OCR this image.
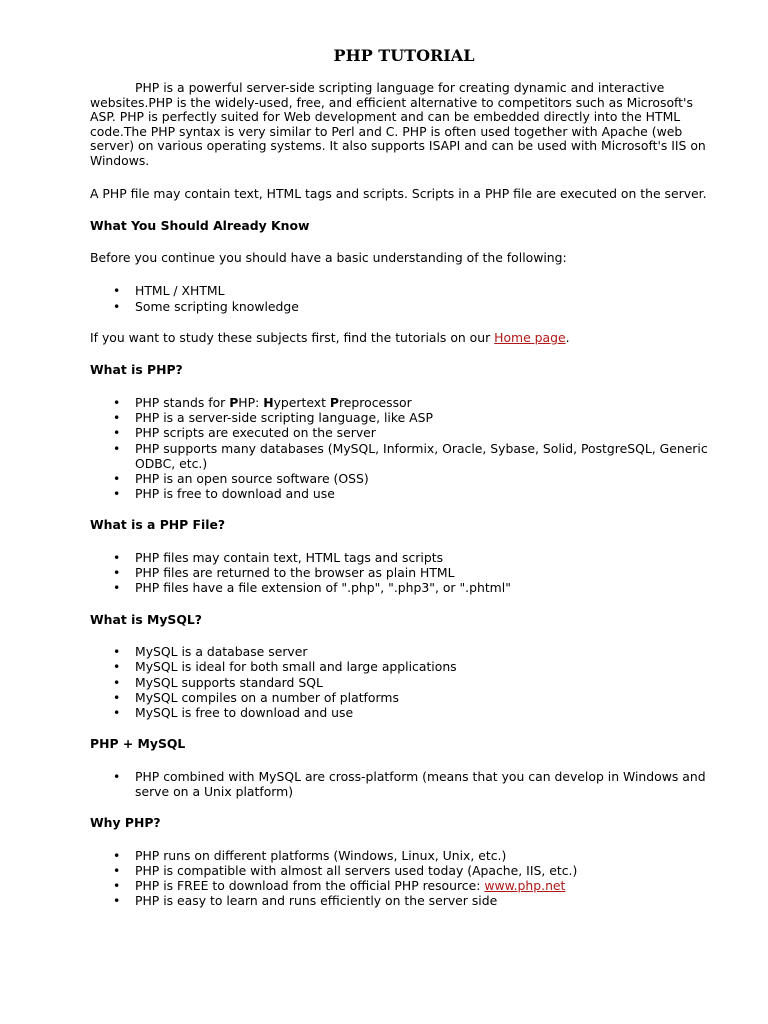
PHP TUTORIAL

PHP is a powerful server-side scripting language for creating dynamic and interactive websites.PHP is the widely-used, free, and efficient alternative to competitors such as Microsoft's ASP. PHP is perfectly suited for Web development and can be embedded directly into the HTML code.The PHP syntax is very similar to Perl and C. PHP is often used together with Apache (web server) on various operating systems. It also supports ISAPI and can be used with Microsoft's IIS on Windows.

A PHP file may contain text, HTML tags and scripts. Scripts in a PHP file are executed on the server.

What You Should Already Know

Before you continue you should have a basic understanding of the following:

• HTML / XHTML
• Some scripting knowledge

If you want to study these subjects first, find the tutorials on our Home page.

What is PHP?
• PHP stands for PHP: Hypertext Preprocessor
• PHP is a server-side scripting language, like ASP
• PHP scripts are executed on the server
• PHP supports many databases (MySQL, Informix, Oracle, Sybase, Solid, PostgreSQL, Generic ODBC, etc.)
• PHP is an open source software (OSS)
• PHP is free to download and use
What is a PHP File?
• PHP files may contain text, HTML tags and scripts
• PHP files are returned to the browser as plain HTML
• PHP files have a file extension of ".php", ".php3", or ".phtml"
What is MySQL?
• MySQL is a database server
• MySQL is ideal for both small and large applications
• MySQL supports standard SQL
• MySQL compiles on a number of platforms
• MySQL is free to download and use
PHP + MySQL
• PHP combined with MySQL are cross-platform (means that you can develop in Windows and serve on a Unix platform)
Why PHP?
• PHP runs on different platforms (Windows, Linux, Unix, etc.)
• PHP is compatible with almost all servers used today (Apache, IIS, etc.)
• PHP is FREE to download from the official PHP resource: www.php.net
• PHP is easy to learn and runs efficiently on the server side
